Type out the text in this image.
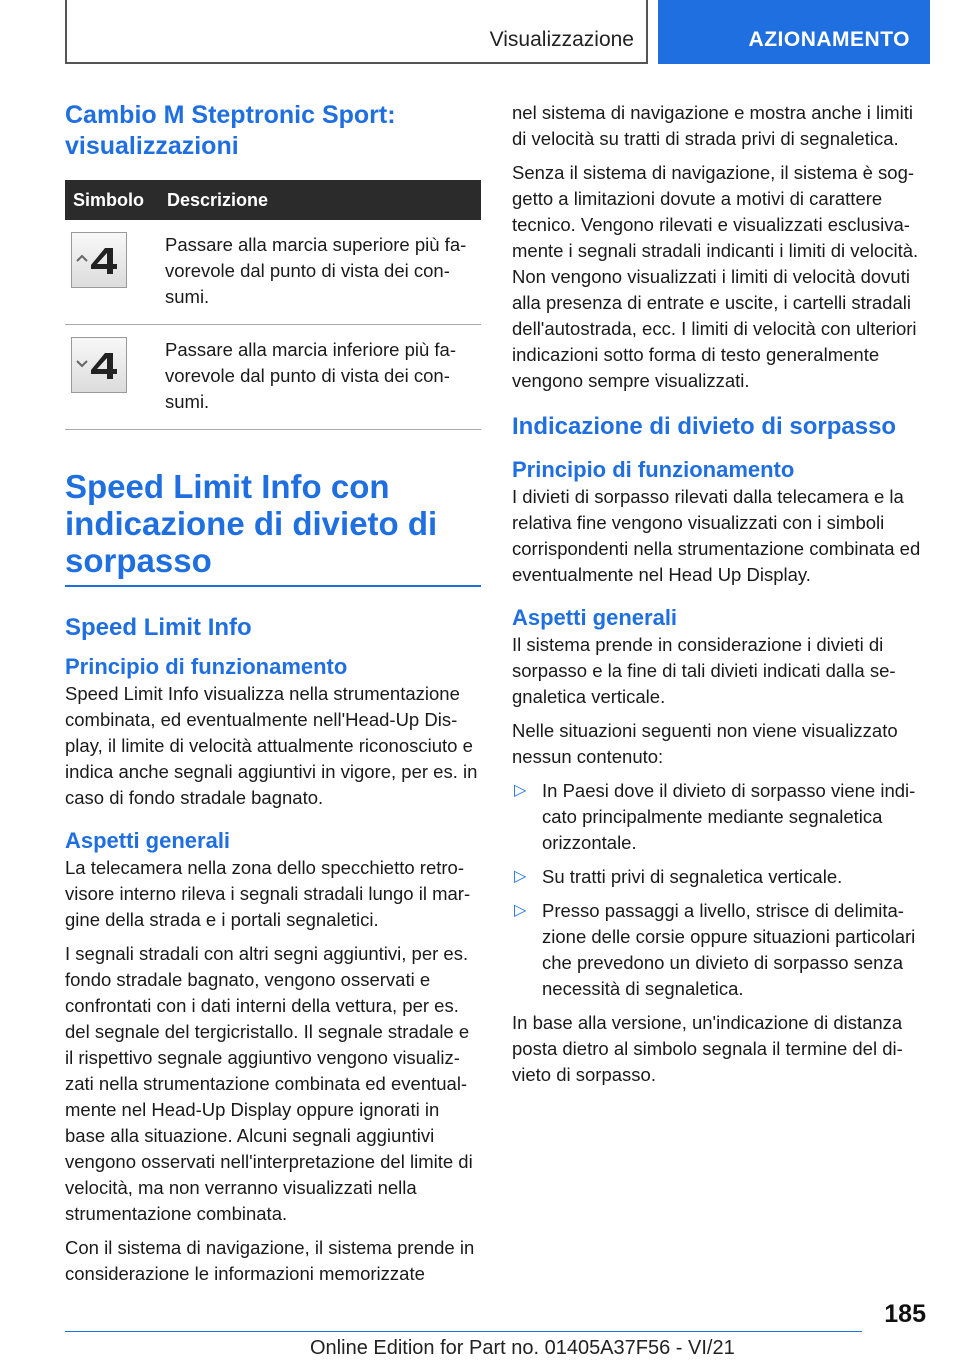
Visualizzazione	AZIONAMENTO
Cambio M Steptronic Sport: visualizzazioni
Simbolo	Descrizione

	Passare alla marcia superiore più fa-vorevole dal punto di vista dei con-sumi.

	Passare alla marcia inferiore più fa-vorevole dal punto di vista dei con-sumi.
Speed Limit Info con indicazione di divieto di sorpasso
Speed Limit Info
Principio di funzionamento

Speed Limit Info visualizza nella strumentazione combinata, ed eventualmente nell'Head-Up Dis-play, il limite di velocità attualmente riconosciuto e indica anche segnali aggiuntivi in vigore, per es. in caso di fondo stradale bagnato.

Aspetti generali

La telecamera nella zona dello specchietto retro-visore interno rileva i segnali stradali lungo il mar-gine della strada e i portali segnaletici.

I segnali stradali con altri segni aggiuntivi, per es. fondo stradale bagnato, vengono osservati e confrontati con i dati interni della vettura, per es. del segnale del tergicristallo. Il segnale stradale e il rispettivo segnale aggiuntivo vengono visualiz-zati nella strumentazione combinata ed eventual-mente nel Head-Up Display oppure ignorati in base alla situazione. Alcuni segnali aggiuntivi vengono osservati nell'interpretazione del limite di velocità, ma non verranno visualizzati nella strumentazione combinata.

Con il sistema di navigazione, il sistema prende in considerazione le informazioni memorizzate

nel sistema di navigazione e mostra anche i limiti di velocità su tratti di strada privi di segnaletica.

Senza il sistema di navigazione, il sistema è sog-getto a limitazioni dovute a motivi di carattere tecnico. Vengono rilevati e visualizzati esclusiva-mente i segnali stradali indicanti i limiti di velocità. Non vengono visualizzati i limiti di velocità dovuti alla presenza di entrate e uscite, i cartelli stradali dell'autostrada, ecc. I limiti di velocità con ulteriori indicazioni sotto forma di testo generalmente vengono sempre visualizzati.

Indicazione di divieto di sorpasso
Principio di funzionamento

I divieti di sorpasso rilevati dalla telecamera e la relativa fine vengono visualizzati con i simboli corrispondenti nella strumentazione combinata ed eventualmente nel Head Up Display.

Aspetti generali

Il sistema prende in considerazione i divieti di sorpasso e la fine di tali divieti indicati dalla se-gnaletica verticale.

Nelle situazioni seguenti non viene visualizzato nessun contenuto:

▷ In Paesi dove il divieto di sorpasso viene indi-cato principalmente mediante segnaletica orizzontale.
▷ Su tratti privi di segnaletica verticale.
▷ Presso passaggi a livello, strisce di delimita-zione delle corsie oppure situazioni particolari che prevedono un divieto di sorpasso senza necessità di segnaletica.

In base alla versione, un'indicazione di distanza posta dietro al simbolo segnala il termine del di-vieto di sorpasso.

185
Online Edition for Part no. 01405A37F56 - VI/21
